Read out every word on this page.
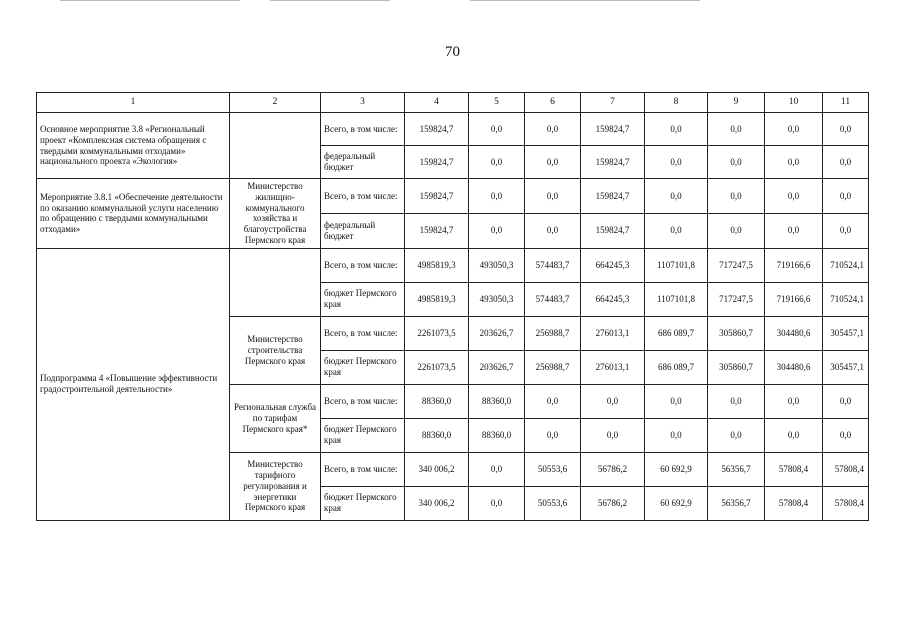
70
1	2	3	4	5	6	7	8	9	10	11
Основное мероприятие 3.8 «Региональный проект «Комплексная система обращения с твердыми коммунальными отходами» национального проекта «Экология»		Всего, в том числе:	159824,7	0,0	0,0	159824,7	0,0	0,0	0,0	0,0
		федеральный бюджет	159824,7	0,0	0,0	159824,7	0,0	0,0	0,0	0,0
Мероприятие 3.8.1 «Обеспечение деятельности по оказанию коммунальной услуги населению по обращению с твердыми коммунальными отходами»	Министерство жилищно-коммунального хозяйства и благоустройства Пермского края	Всего, в том числе:	159824,7	0,0	0,0	159824,7	0,0	0,0	0,0	0,0
		федеральный бюджет	159824,7	0,0	0,0	159824,7	0,0	0,0	0,0	0,0
Подпрограмма 4 «Повышение эффективности градостроительной деятельности»		Всего, в том числе:	4985819,3	493050,3	574483,7	664245,3	1107101,8	717247,5	719166,6	710524,1
		бюджет Пермского края	4985819,3	493050,3	574483,7	664245,3	1107101,8	717247,5	719166,6	710524,1
	Министерство строительства Пермского края	Всего, в том числе:	2261073,5	203626,7	256988,7	276013,1	686 089,7	305860,7	304480,6	305457,1
		бюджет Пермского края	2261073,5	203626,7	256988,7	276013,1	686 089,7	305860,7	304480,6	305457,1
	Региональная служба по тарифам Пермского края*	Всего, в том числе:	88360,0	88360,0	0,0	0,0	0,0	0,0	0,0	0,0
		бюджет Пермского края	88360,0	88360,0	0,0	0,0	0,0	0,0	0,0	0,0
	Министерство тарифного регулирования и энергетики Пермского края	Всего, в том числе:	340 006,2	0,0	50553,6	56786,2	60 692,9	56356,7	57808,4	57808,4
		бюджет Пермского края	340 006,2	0,0	50553,6	56786,2	60 692,9	56356,7	57808,4	57808,4
